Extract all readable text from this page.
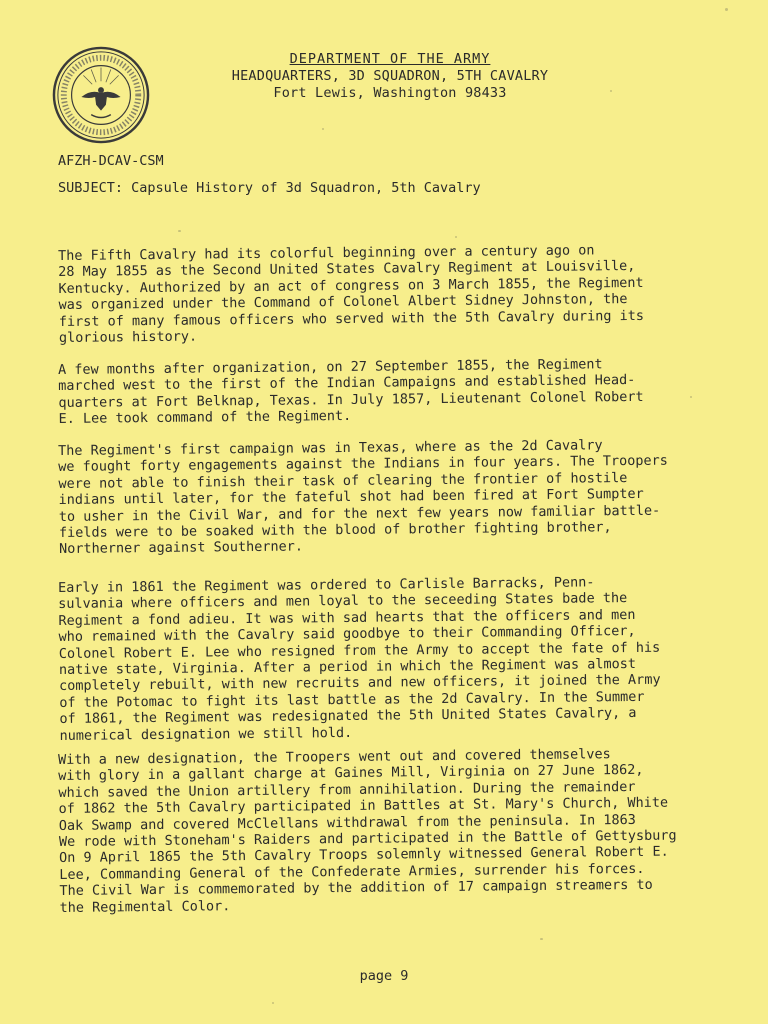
DEPARTMENT OF THE ARMY
HEADQUARTERS, 3D SQUADRON, 5TH CAVALRY
Fort Lewis, Washington 98433
AFZH-DCAV-CSM
SUBJECT: Capsule History of 3d Squadron, 5th Cavalry

The Fifth Cavalry had its colorful beginning over a century ago on
28 May 1855 as the Second United States Cavalry Regiment at Louisville,
Kentucky. Authorized by an act of congress on 3 March 1855, the Regiment
was organized under the Command of Colonel Albert Sidney Johnston, the
first of many famous officers who served with the 5th Cavalry during its
glorious history.

A few months after organization, on 27 September 1855, the Regiment
marched west to the first of the Indian Campaigns and established Head-
quarters at Fort Belknap, Texas. In July 1857, Lieutenant Colonel Robert
E. Lee took command of the Regiment.

The Regiment's first campaign was in Texas, where as the 2d Cavalry
we fought forty engagements against the Indians in four years. The Troopers
were not able to finish their task of clearing the frontier of hostile
indians until later, for the fateful shot had been fired at Fort Sumpter
to usher in the Civil War, and for the next few years now familiar battle-
fields were to be soaked with the blood of brother fighting brother,
Northerner against Southerner.

Early in 1861 the Regiment was ordered to Carlisle Barracks, Penn-
sulvania where officers and men loyal to the seceeding States bade the
Regiment a fond adieu. It was with sad hearts that the officers and men
who remained with the Cavalry said goodbye to their Commanding Officer,
Colonel Robert E. Lee who resigned from the Army to accept the fate of his
native state, Virginia. After a period in which the Regiment was almost
completely rebuilt, with new recruits and new officers, it joined the Army
of the Potomac to fight its last battle as the 2d Cavalry. In the Summer
of 1861, the Regiment was redesignated the 5th United States Cavalry, a
numerical designation we still hold.

With a new designation, the Troopers went out and covered themselves
with glory in a gallant charge at Gaines Mill, Virginia on 27 June 1862,
which saved the Union artillery from annihilation. During the remainder
of 1862 the 5th Cavalry participated in Battles at St. Mary's Church, White
Oak Swamp and covered McClellans withdrawal from the peninsula. In 1863
We rode with Stoneham's Raiders and participated in the Battle of Gettysburg
On 9 April 1865 the 5th Cavalry Troops solemnly witnessed General Robert E.
Lee, Commanding General of the Confederate Armies, surrender his forces.
The Civil War is commemorated by the addition of 17 campaign streamers to
the Regimental Color.

page 9
